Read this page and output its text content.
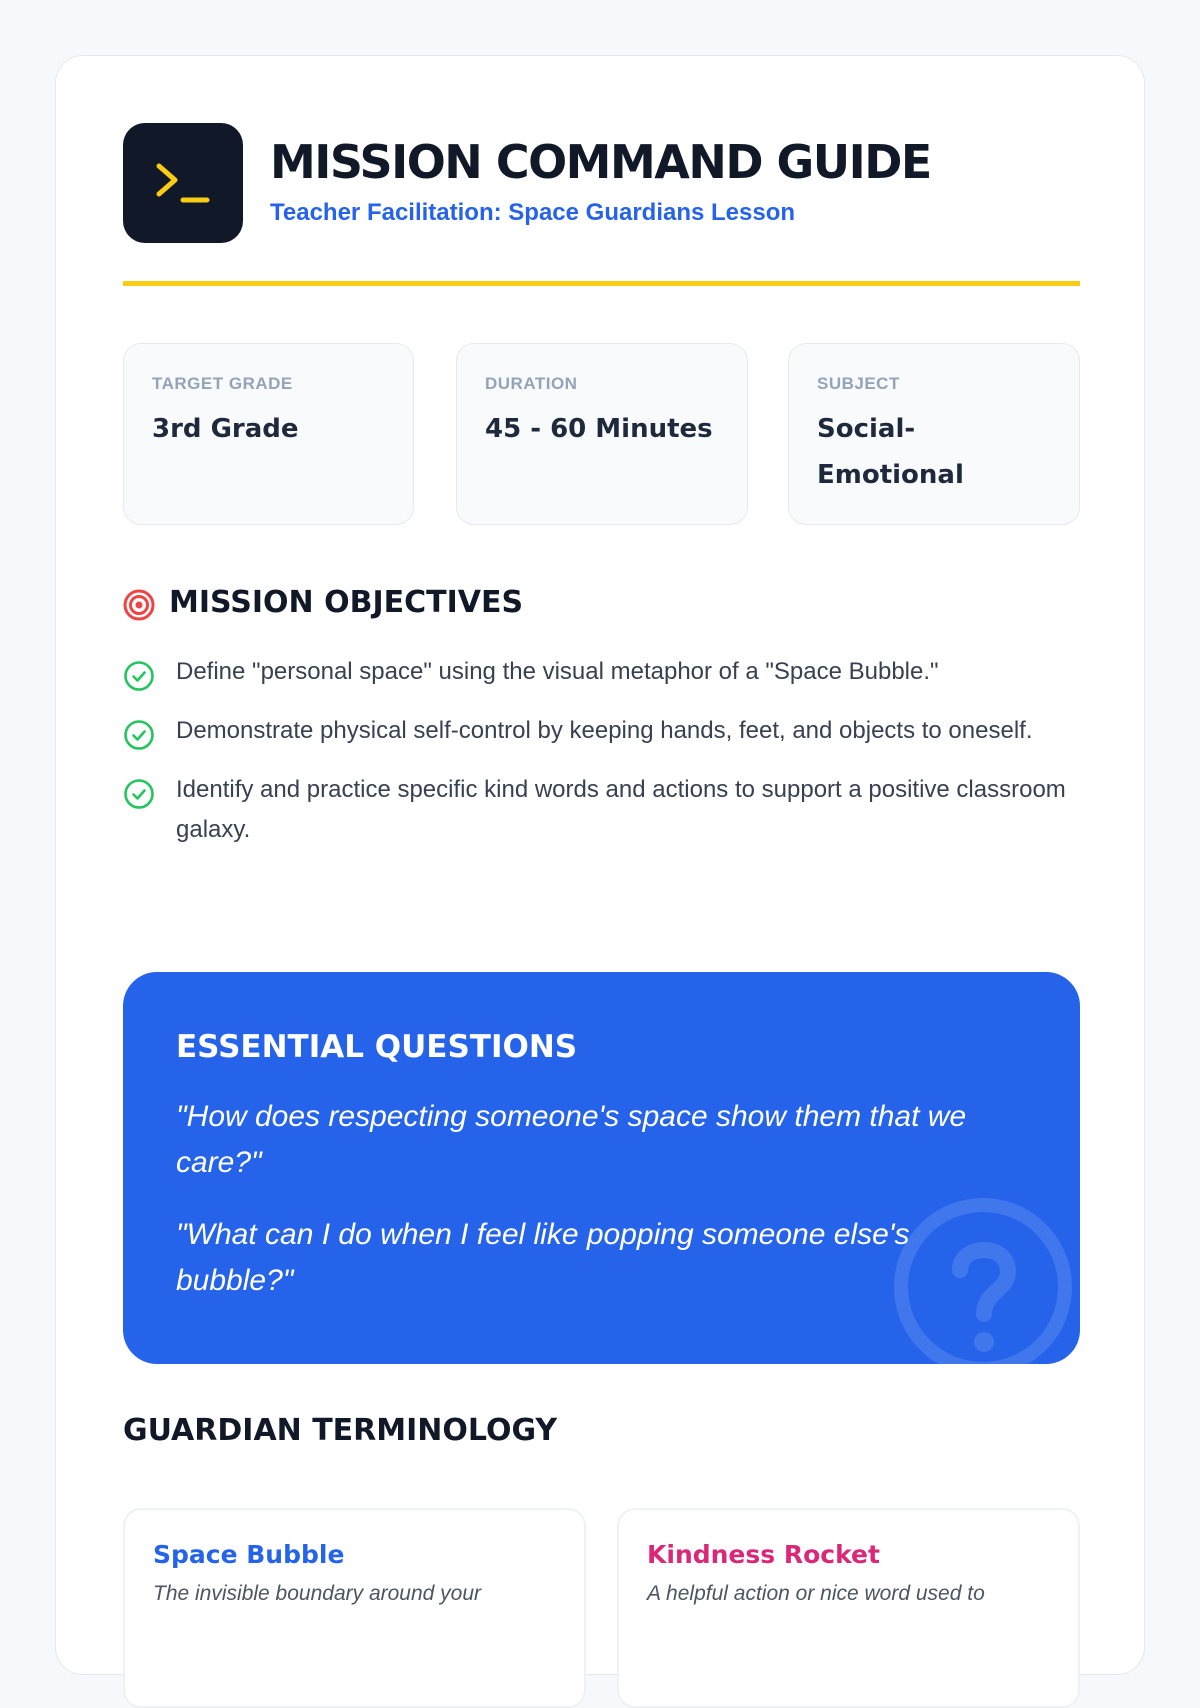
MISSION COMMAND GUIDE
Teacher Facilitation: Space Guardians Lesson
TARGET GRADE
3rd Grade
DURATION
45 - 60 Minutes
SUBJECT
Social-Emotional
MISSION OBJECTIVES
Define "personal space" using the visual metaphor of a "Space Bubble."
Demonstrate physical self-control by keeping hands, feet, and objects to oneself.
Identify and practice specific kind words and actions to support a positive classroom galaxy.
ESSENTIAL QUESTIONS

"How does respecting someone's space show them that we care?"

"What can I do when I feel like popping someone else's bubble?"

GUARDIAN TERMINOLOGY
Space Bubble
The invisible boundary around your
Kindness Rocket
A helpful action or nice word used to
